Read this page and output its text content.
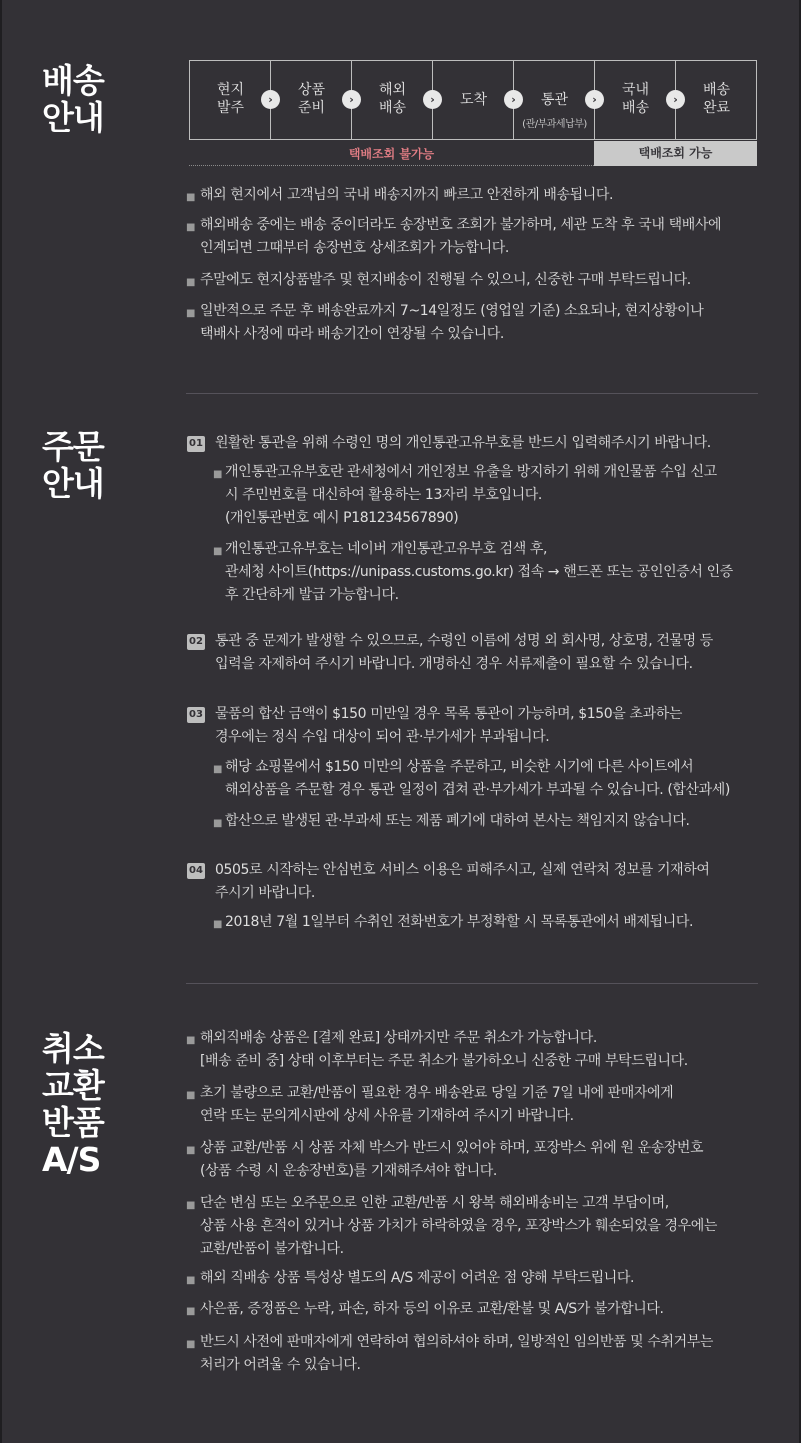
배송
안내
현지
발주
›
상품
준비
›
해외
배송
›	도착	›	통관
(관/부과세납부)
›
국내
배송
›
배송
완료
택배조회 불가능	택배조회 가능
■ 해외 현지에서 고객님의 국내 배송지까지 빠르고 안전하게 배송됩니다.
■ 해외배송 중에는 배송 중이더라도 송장번호 조회가 불가하며, 세관 도착 후 국내 택배사에
인계되면 그때부터 송장번호 상세조회가 가능합니다.
■ 주말에도 현지상품발주 및 현지배송이 진행될 수 있으니, 신중한 구매 부탁드립니다.
■ 일반적으로 주문 후 배송완료까지 7~14일정도 (영업일 기준) 소요되나, 현지상황이나
택배사 사정에 따라 배송기간이 연장될 수 있습니다.
주문
안내
01 원활한 통관을 위해 수령인 명의 개인통관고유부호를 반드시 입력해주시기 바랍니다.
■ 개인통관고유부호란 관세청에서 개인정보 유출을 방지하기 위해 개인물품 수입 신고
시 주민번호를 대신하여 활용하는 13자리 부호입니다.
(개인통관번호 예시 P181234567890)
■ 개인통관고유부호는 네이버 개인통관고유부호 검색 후,
관세청 사이트(https://unipass.customs.go.kr) 접속 → 핸드폰 또는 공인인증서 인증
후 간단하게 발급 가능합니다.
02 통관 중 문제가 발생할 수 있으므로, 수령인 이름에 성명 외 회사명, 상호명, 건물명 등
입력을 자제하여 주시기 바랍니다. 개명하신 경우 서류제출이 필요할 수 있습니다.
03 물품의 합산 금액이 $150 미만일 경우 목록 통관이 가능하며, $150을 초과하는
경우에는 정식 수입 대상이 되어 관·부가세가 부과됩니다.
■ 해당 쇼핑몰에서 $150 미만의 상품을 주문하고, 비슷한 시기에 다른 사이트에서
해외상품을 주문할 경우 통관 일정이 겹쳐 관·부가세가 부과될 수 있습니다. (합산과세)
■ 합산으로 발생된 관·부과세 또는 제품 폐기에 대하여 본사는 책임지지 않습니다.
04 0505로 시작하는 안심번호 서비스 이용은 피해주시고, 실제 연락처 정보를 기재하여
주시기 바랍니다.
■ 2018년 7월 1일부터 수취인 전화번호가 부정확할 시 목록통관에서 배제됩니다.
취소
교환
반품
A/S
■ 해외직배송 상품은 [결제 완료] 상태까지만 주문 취소가 가능합니다.
[배송 준비 중] 상태 이후부터는 주문 취소가 불가하오니 신중한 구매 부탁드립니다.
■ 초기 불량으로 교환/반품이 필요한 경우 배송완료 당일 기준 7일 내에 판매자에게
연락 또는 문의게시판에 상세 사유를 기재하여 주시기 바랍니다.
■ 상품 교환/반품 시 상품 자체 박스가 반드시 있어야 하며, 포장박스 위에 원 운송장번호
(상품 수령 시 운송장번호)를 기재해주셔야 합니다.
■ 단순 변심 또는 오주문으로 인한 교환/반품 시 왕복 해외배송비는 고객 부담이며,
상품 사용 흔적이 있거나 상품 가치가 하락하였을 경우, 포장박스가 훼손되었을 경우에는
교환/반품이 불가합니다.
■ 해외 직배송 상품 특성상 별도의 A/S 제공이 어려운 점 양해 부탁드립니다.
■ 사은품, 증정품은 누락, 파손, 하자 등의 이유로 교환/환불 및 A/S가 불가합니다.
■ 반드시 사전에 판매자에게 연락하여 협의하셔야 하며, 일방적인 임의반품 및 수취거부는
처리가 어려울 수 있습니다.
